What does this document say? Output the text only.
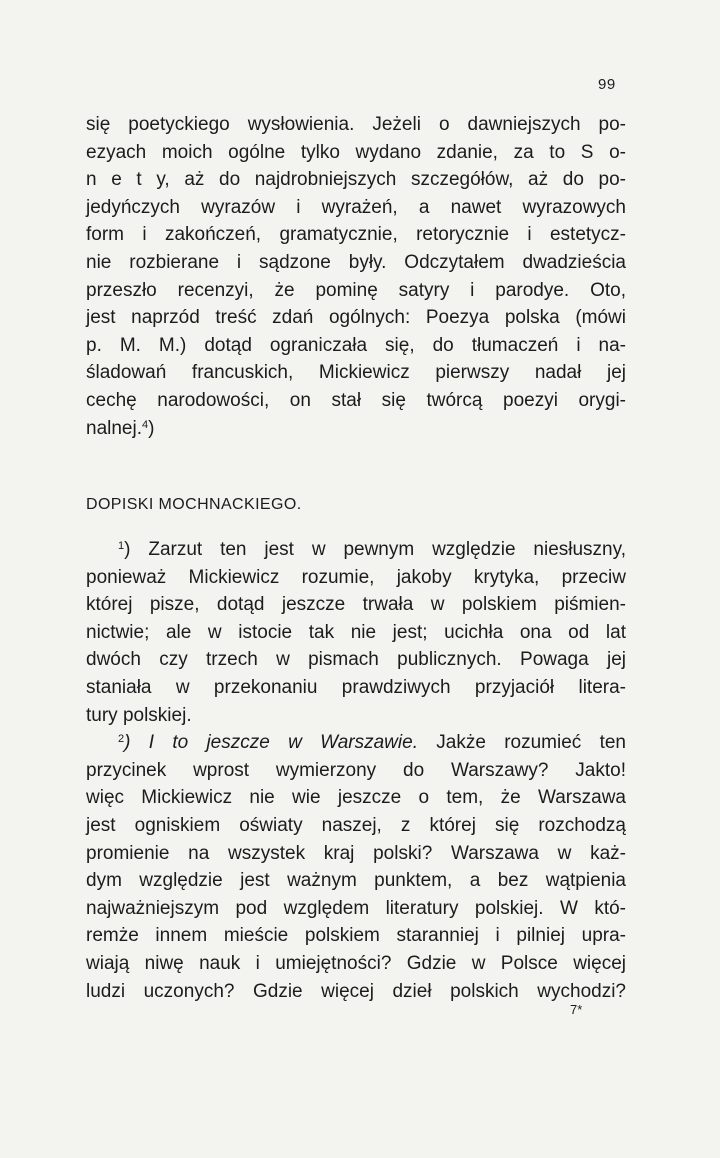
99
się poetyckiego wysłowienia. Jeżeli o dawniejszych po-
ezyach moich ogólne tylko wydano zdanie, za to S o-
n e t y, aż do najdrobniejszych szczegółów, aż do po-
jedyńczych wyrazów i wyrażeń, a nawet wyrazowych
form i zakończeń, gramatycznie, retorycznie i estetycz-
nie rozbierane i sądzone były. Odczytałem dwadzieścia
przeszło recenzyi, że pominę satyry i parodye. Oto,
jest naprzód treść zdań ogólnych: Poezya polska (mówi
p. M. M.) dotąd ograniczała się, do tłumaczeń i na-
śladowań francuskich, Mickiewicz pierwszy nadał jej
cechę narodowości, on stał się twórcą poezyi orygi-
nalnej.$^4$)
DOPISKI MOCHNACKIEGO.
$^1$) Zarzut ten jest w pewnym względzie niesłuszny,
ponieważ Mickiewicz rozumie, jakoby krytyka, przeciw
której pisze, dotąd jeszcze trwała w polskiem piśmien-
nictwie; ale w istocie tak nie jest; ucichła ona od lat
dwóch czy trzech w pismach publicznych. Powaga jej
staniała w przekonaniu prawdziwych przyjaciół litera-
tury polskiej.
$^2$) I to jeszcze w Warszawie. Jakże rozumieć ten
przycinek wprost wymierzony do Warszawy? Jakto!
więc Mickiewicz nie wie jeszcze o tem, że Warszawa
jest ogniskiem oświaty naszej, z której się rozchodzą
promienie na wszystek kraj polski? Warszawa w każ-
dym względzie jest ważnym punktem, a bez wątpienia
najważniejszym pod względem literatury polskiej. W któ-
remże innem mieście polskiem staranniej i pilniej upra-
wiają niwę nauk i umiejętności? Gdzie w Polsce więcej
ludzi uczonych? Gdzie więcej dzieł polskich wychodzi?
7*
